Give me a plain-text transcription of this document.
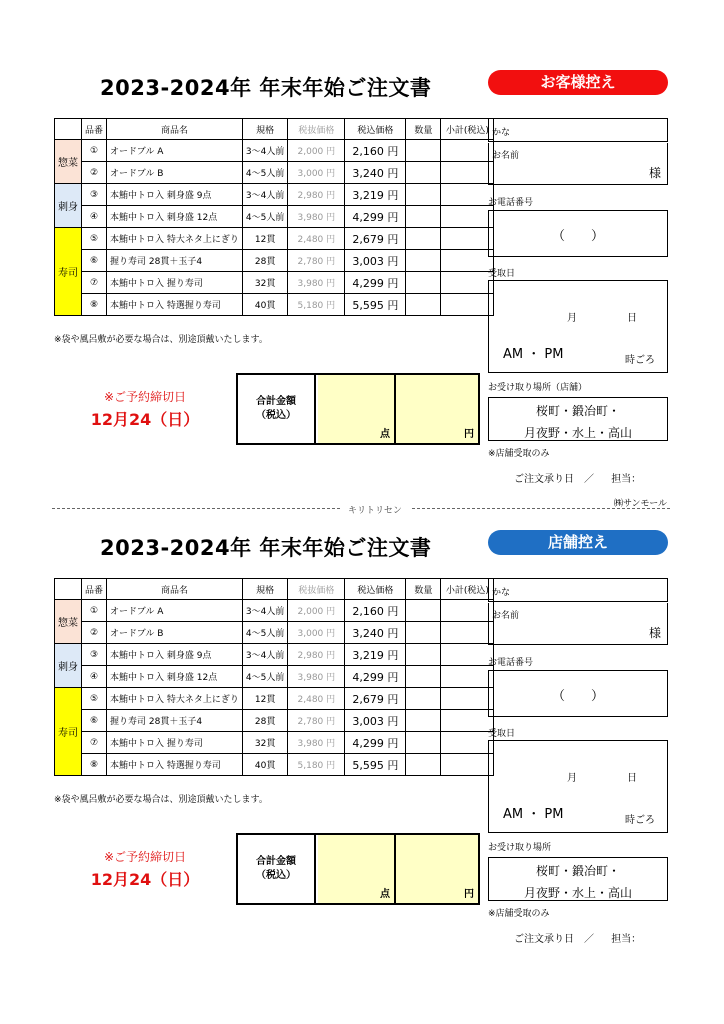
2023-2024年 年末年始ご注文書	お客様控え
	品番	商品名	規格	税抜価格	税込価格	数量	小計(税込)
惣菜	①	オードブル A	3～4人前	2,000 円	2,160 円		
	②	オードブル B	4～5人前	3,000 円	3,240 円		
刺身	③	本鮪中トロ入 刺身盛 9点	3～4人前	2,980 円	3,219 円		
	④	本鮪中トロ入 刺身盛 12点	4～5人前	3,980 円	4,299 円		
寿司	⑤	本鮪中トロ入 特大ネタ上にぎり	12貫	2,480 円	2,679 円		
	⑥	握り寿司 28貫＋玉子4	28貫	2,780 円	3,003 円		
	⑦	本鮪中トロ入 握り寿司	32貫	3,980 円	4,299 円		
	⑧	本鮪中トロ入 特選握り寿司	40貫	5,180 円	5,595 円		
※袋や風呂敷が必要な場合は、別途頂戴いたします。
※ご予約締切日
12月24（日）
合計金額
（税込）
点	円
かな
お名前
様
お電話番号
（　　）
受取日
月	日
AM ・ PM	時ごろ
お受け取り場所（店舗）
桜町・鍛冶町・
月夜野・水上・高山
※店舗受取のみ
ご注文承り日　／ 担当：
㈱サンモール
キリトリセン
2023-2024年 年末年始ご注文書	店舗控え
	品番	商品名	規格	税抜価格	税込価格	数量	小計(税込)
惣菜	①	オードブル A	3～4人前	2,000 円	2,160 円		
	②	オードブル B	4～5人前	3,000 円	3,240 円		
刺身	③	本鮪中トロ入 刺身盛 9点	3～4人前	2,980 円	3,219 円		
	④	本鮪中トロ入 刺身盛 12点	4～5人前	3,980 円	4,299 円		
寿司	⑤	本鮪中トロ入 特大ネタ上にぎり	12貫	2,480 円	2,679 円		
	⑥	握り寿司 28貫＋玉子4	28貫	2,780 円	3,003 円		
	⑦	本鮪中トロ入 握り寿司	32貫	3,980 円	4,299 円		
	⑧	本鮪中トロ入 特選握り寿司	40貫	5,180 円	5,595 円		
※袋や風呂敷が必要な場合は、別途頂戴いたします。
※ご予約締切日
12月24（日）
合計金額
（税込）
点	円
かな
お名前
様
お電話番号
（　　）
受取日
月	日
AM ・ PM	時ごろ
お受け取り場所
桜町・鍛冶町・
月夜野・水上・高山
※店舗受取のみ
ご注文承り日　／ 担当：
